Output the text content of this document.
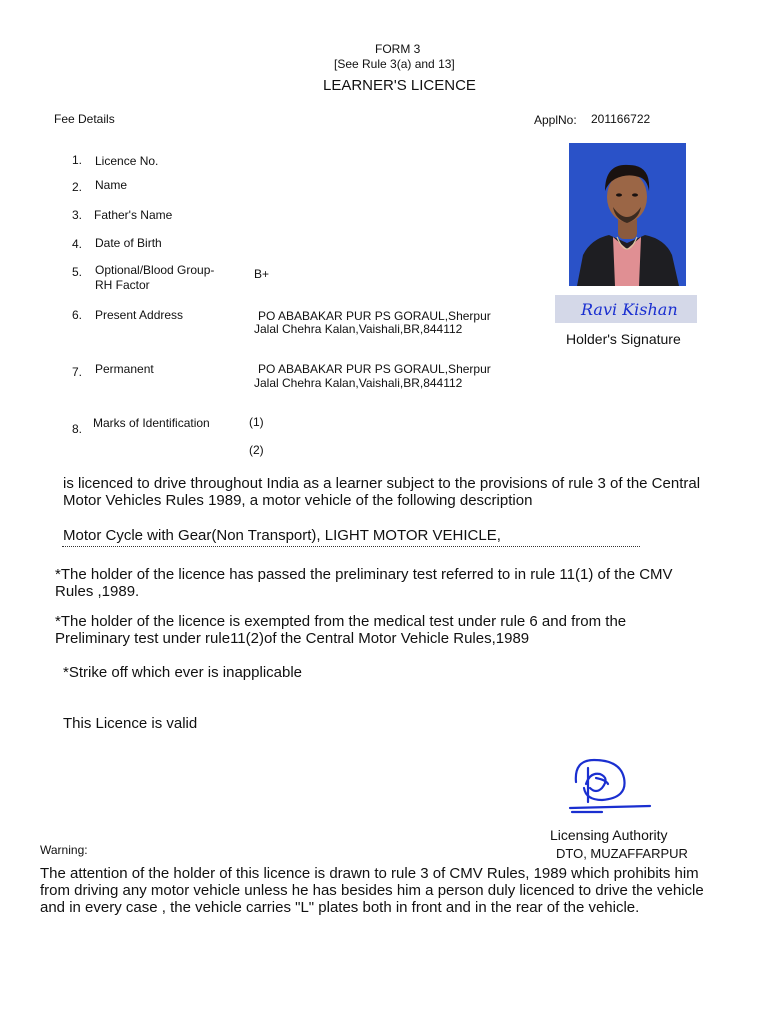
FORM 3
[See Rule 3(a) and 13]
LEARNER'S LICENCE
Fee Details	ApplNo: 201166722
1. Licence No.
2. Name
3. Father's Name
4. Date of Birth
5. Optional/Blood Group-
RH Factor
B+
6. Present Address	PO ABABAKAR PUR PS GORAUL,Sherpur
Jalal Chehra Kalan,Vaishali,BR,844112
7. Permanent	PO ABABAKAR PUR PS GORAUL,Sherpur
Jalal Chehra Kalan,Vaishali,BR,844112
8. Marks of Identification	(1)
(2)
Ravi Kishan
Holder's Signature
is licenced to drive throughout India as a learner subject to the provisions of rule 3 of the Central
Motor Vehicles Rules 1989, a motor vehicle of the following description
Motor Cycle with Gear(Non Transport), LIGHT MOTOR VEHICLE,
*The holder of the licence has passed the preliminary test referred to in rule 11(1) of the CMV
Rules ,1989.
*The holder of the licence is exempted from the medical test under rule 6 and from the
Preliminary test under rule11(2)of the Central Motor Vehicle Rules,1989
*Strike off which ever is inapplicable
This Licence is valid
Licensing Authority
DTO, MUZAFFARPUR
Warning:
The attention of the holder of this licence is drawn to rule 3 of CMV Rules, 1989 which prohibits him
from driving any motor vehicle unless he has besides him a person duly licenced to drive the vehicle
and in every case , the vehicle carries "L" plates both in front and in the rear of the vehicle.
